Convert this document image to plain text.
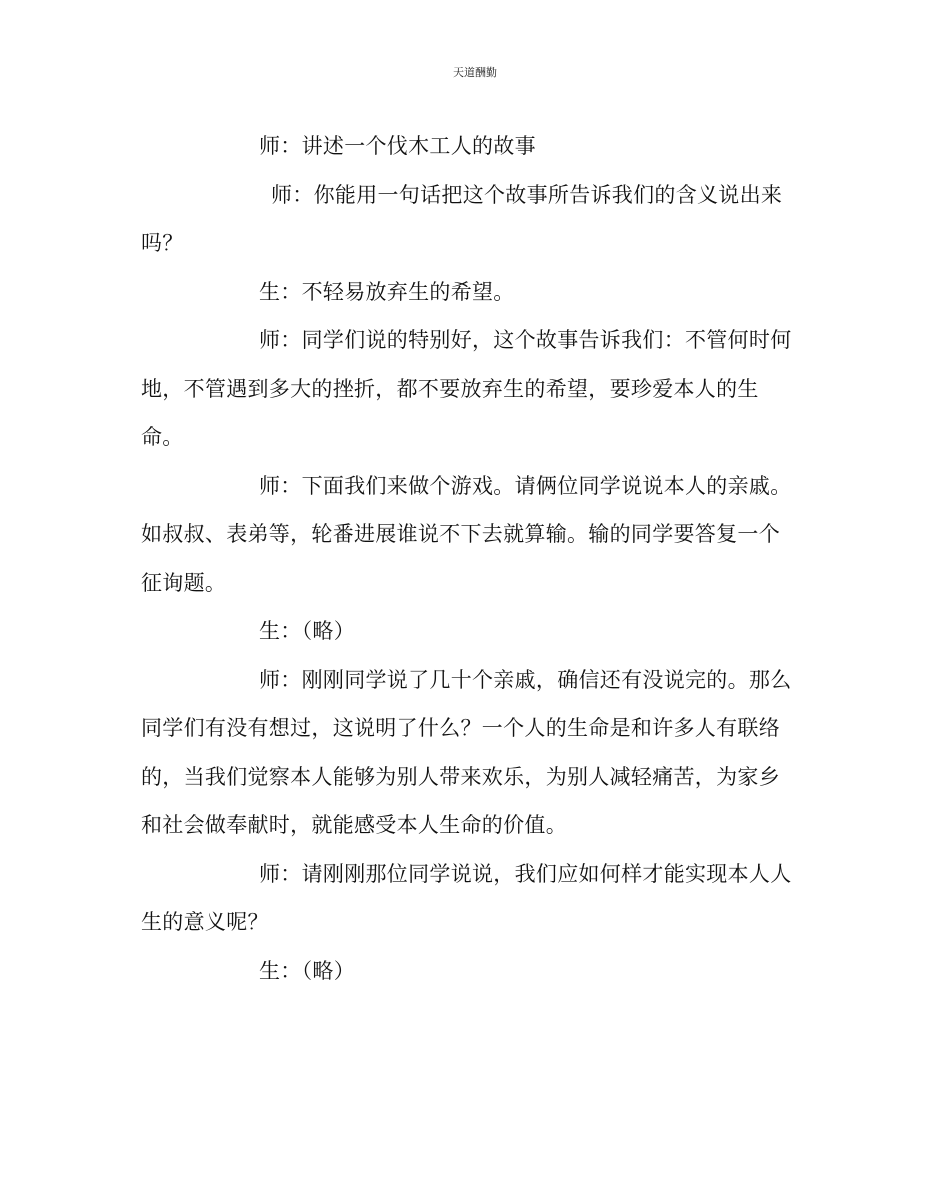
天道酬勤
师：讲述一个伐木工人的故事
师：你能用一句话把这个故事所告诉我们的含义说出来
吗？
生：不轻易放弃生的希望。
师：同学们说的特别好，这个故事告诉我们：不管何时何
地，不管遇到多大的挫折，都不要放弃生的希望，要珍爱本人的生
命。
师：下面我们来做个游戏。请俩位同学说说本人的亲戚。
如叔叔、表弟等，轮番进展谁说不下去就算输。输的同学要答复一个
征询题。
生：（略）
师：刚刚同学说了几十个亲戚，确信还有没说完的。那么
同学们有没有想过，这说明了什么？一个人的生命是和许多人有联络
的，当我们觉察本人能够为别人带来欢乐，为别人减轻痛苦，为家乡
和社会做奉献时，就能感受本人生命的价值。
师：请刚刚那位同学说说，我们应如何样才能实现本人人
生的意义呢？
生：（略）
